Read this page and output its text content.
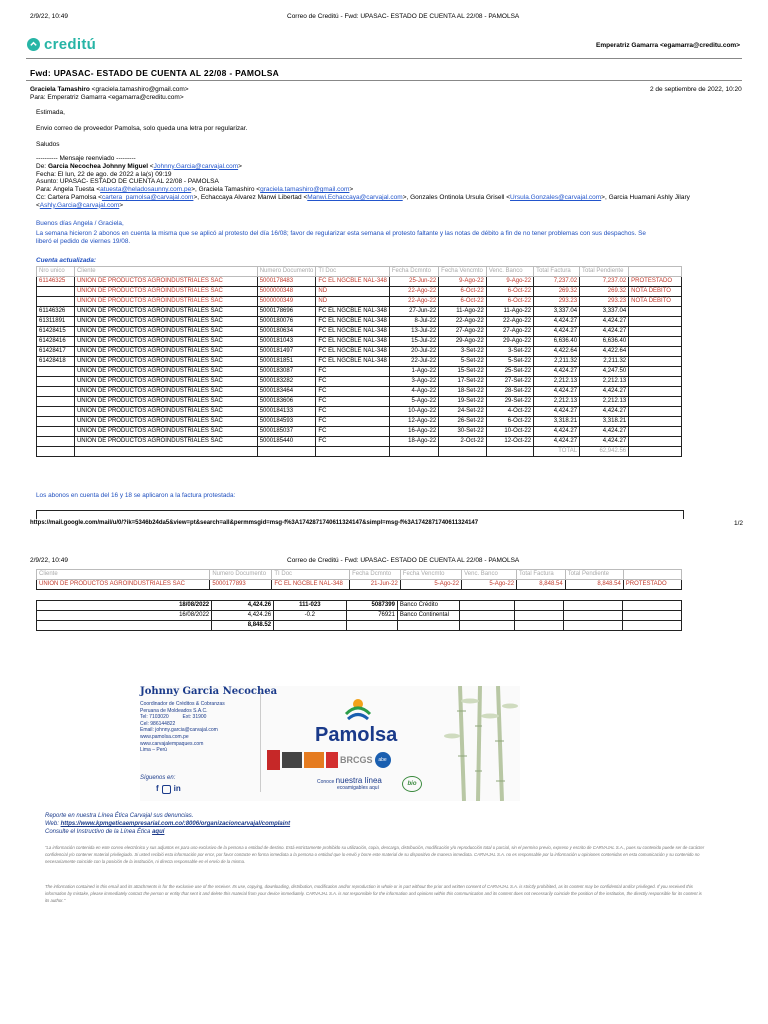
2/9/22, 10:49	Correo de Creditú - Fwd: UPASAC- ESTADO DE CUENTA AL 22/08 - PAMOLSA
creditú	Emperatriz Gamarra <egamarra@creditu.com>
Fwd: UPASAC- ESTADO DE CUENTA AL 22/08 - PAMOLSA
Graciela Tamashiro <graciela.tamashiro@gmail.com>	2 de septiembre de 2022, 10:20
Para: Emperatriz Gamarra <egamarra@creditu.com>
Estimada,
Envio correo de proveedor Pamolsa, solo queda una letra por regularizar.
Saludos
---------- Mensaje reenviado ---------
De: Garcia Necochea Johnny Miguel <Johnny.Garcia@carvajal.com>
Fecha: El lun, 22 de ago. de 2022 a la(s) 09:19
Asunto: UPASAC- ESTADO DE CUENTA AL 22/08 - PAMOLSA
Para: Angela Tuesta <atuesta@heladosaunny.com.pe>, Graciela Tamashiro <graciela.tamashiro@gmail.com>
Cc: Cartera Pamolsa <cartera_pamolsa@carvajal.com>, Echaccaya Alvarez Manwi Libertad <Manwi.Echaccaya@carvajal.com>, Gonzales Ontinola Ursula Grisell <Ursula.Gonzales@carvajal.com>, Garcia Huamani Ashly Jilary
<Ashly.Garcia@carvajal.com>
Buenos días Angela / Graciela,
La semana hicieron 2 abonos en cuenta la misma que se aplicó al protesto del día 16/08; favor de regularizar esta semana el protesto faltante y las notas de débito a fin de no tener problemas con sus despachos. Se
liberó el pedido de viernes 19/08.
Cuenta actualizada:
Nro unico	Cliente	Numero Documento	TI Doc	Fecha Dcmnto	Fecha Vencmto	Venc. Banco	Total Factura	Total Pendiente	
61146325	UNION DE PRODUCTOS AGROINDUSTRIALES SAC	5000178483	FC EL NGCBLE NAL-348	25-Jun-22	9-Ago-22	9-Ago-22	7,237.02	7,237.02	PROTESTADO
	UNION DE PRODUCTOS AGROINDUSTRIALES SAC	5000000348	ND	22-Ago-22	6-Oct-22	6-Oct-22	269.32	269.32	NOTA DEBITO
	UNION DE PRODUCTOS AGROINDUSTRIALES SAC	5000000349	ND	22-Ago-22	6-Oct-22	6-Oct-22	293.23	293.23	NOTA DEBITO
61146326	UNION DE PRODUCTOS AGROINDUSTRIALES SAC	5000178696	FC EL NGCBLE NAL-348	27-Jun-22	11-Ago-22	11-Ago-22	3,337.04	3,337.04	
61311891	UNION DE PRODUCTOS AGROINDUSTRIALES SAC	5000180076	FC EL NGCBLE NAL-348	8-Jul-22	22-Ago-22	22-Ago-22	4,424.27	4,424.27	
61428415	UNION DE PRODUCTOS AGROINDUSTRIALES SAC	5000180634	FC EL NGCBLE NAL-348	13-Jul-22	27-Ago-22	27-Ago-22	4,424.27	4,424.27	
61428416	UNION DE PRODUCTOS AGROINDUSTRIALES SAC	5000181043	FC EL NGCBLE NAL-348	15-Jul-22	29-Ago-22	29-Ago-22	6,636.40	6,636.40	
61428417	UNION DE PRODUCTOS AGROINDUSTRIALES SAC	5000181497	FC EL NGCBLE NAL-348	20-Jul-22	3-Set-22	3-Set-22	4,422.64	4,422.64	
61428418	UNION DE PRODUCTOS AGROINDUSTRIALES SAC	5000181851	FC EL NGCBLE NAL-348	22-Jul-22	5-Set-22	5-Set-22	2,211.32	2,211.32	
	UNION DE PRODUCTOS AGROINDUSTRIALES SAC	5000183087	FC	1-Ago-22	15-Set-22	25-Set-22	4,424.27	4,247.50	
	UNION DE PRODUCTOS AGROINDUSTRIALES SAC	5000183282	FC	3-Ago-22	17-Set-22	27-Set-22	2,212.13	2,212.13	
	UNION DE PRODUCTOS AGROINDUSTRIALES SAC	5000183464	FC	4-Ago-22	18-Set-22	28-Set-22	4,424.27	4,424.27	
	UNION DE PRODUCTOS AGROINDUSTRIALES SAC	5000183606	FC	5-Ago-22	19-Set-22	29-Set-22	2,212.13	2,212.13	
	UNION DE PRODUCTOS AGROINDUSTRIALES SAC	5000184133	FC	10-Ago-22	24-Set-22	4-Oct-22	4,424.27	4,424.27	
	UNION DE PRODUCTOS AGROINDUSTRIALES SAC	5000184593	FC	12-Ago-22	26-Set-22	6-Oct-22	3,318.21	3,318.21	
	UNION DE PRODUCTOS AGROINDUSTRIALES SAC	5000185037	FC	16-Ago-22	30-Set-22	10-Oct-22	4,424.27	4,424.27	
	UNION DE PRODUCTOS AGROINDUSTRIALES SAC	5000185440	FC	18-Ago-22	2-Oct-22	12-Oct-22	4,424.27	4,424.27	
							TOTAL	62,942.56	
Los abonos en cuenta del 16 y 18 se aplicaron a la factura protestada:
https://mail.google.com/mail/u/0/?ik=5346b24da5&view=pt&search=all&permmsgid=msg-f%3A1742871740611324147&simpl=msg-f%3A1742871740611324147	1/2
2/9/22, 10:49	Correo de Creditú - Fwd: UPASAC- ESTADO DE CUENTA AL 22/08 - PAMOLSA
Cliente	Numero Documento	TI Doc	Fecha Dcmnto	Fecha Vencmto	Venc. Banco	Total Factura	Total Pendiente	
UNION DE PRODUCTOS AGROINDUSTRIALES SAC	5000177893	FC EL NGCBLE NAL-348	21-Jun-22	5-Ago-22	5-Ago-22	8,848.54	8,848.54	PROTESTADO
18/08/2022	4,424.26	111-023	5087399	Banco Crédito				
16/08/2022	4,424.26	-0.2	76921	Banco Continental				
	8,848.52							
Johnny Garcia Necochea
Coordinador de Créditos & Cobranzas
Peruana de Moldeados S.A.C.
Tel: 7103020	Ext: 31900
Cel: 986144822
Email: johnny.garcia@carvajal.com
www.pamolsa.com.pe
www.carvajalempaques.com
Lima – Perú
Síguenos en:
f in
Pamolsa
BRCGS	abe
Conoce nuestra línea
ecoamigables aquí
bio
Reporte en nuestra Línea Ética Carvajal sus denuncias.
Web: https://www.kpmgeticaempresarial.com.co/:8006/organizacioncarvajal/complaint
Consulte el Instructivo de la Línea Ética aquí
"La información contenida en este correo electrónico y sus adjuntos es para uso exclusivo de la persona o entidad de destino. Está estrictamente prohibido su utilización, copia, descarga, distribución, modificación y/o reproducción total o parcial, sin el permiso previo, expreso y escrito de CARVAJAL S.A., pues su contenido puede ser de carácter confidencial y/o contener material privilegiado. Si usted recibió esta información por error, por favor contacte en forma inmediata a la persona o entidad que lo envió y borre este material de su dispositivo de manera inmediata. CARVAJAL S.A. no es responsable por la información u opiniones contenidas en esta comunicación y su contenido no necesariamente coincide con la posición de la institución, ni directa responsable en el envío de la misma.
The information contained in this email and its attachments is for the exclusive use of the receiver. Its use, copying, downloading, distribution, modification and/or reproduction in whole or in part without the prior and written consent of CARVAJAL S.A. is strictly prohibited, as its content may be confidential and/or privileged. If you received this information by mistake, please immediately contact the person or entity that sent it and delete this material from your device immediately. CARVAJAL S.A. is not responsible for the information and opinions within this communication and its content does not necessarily coincide the position of the institution, the directly responsible for its content is its author."
